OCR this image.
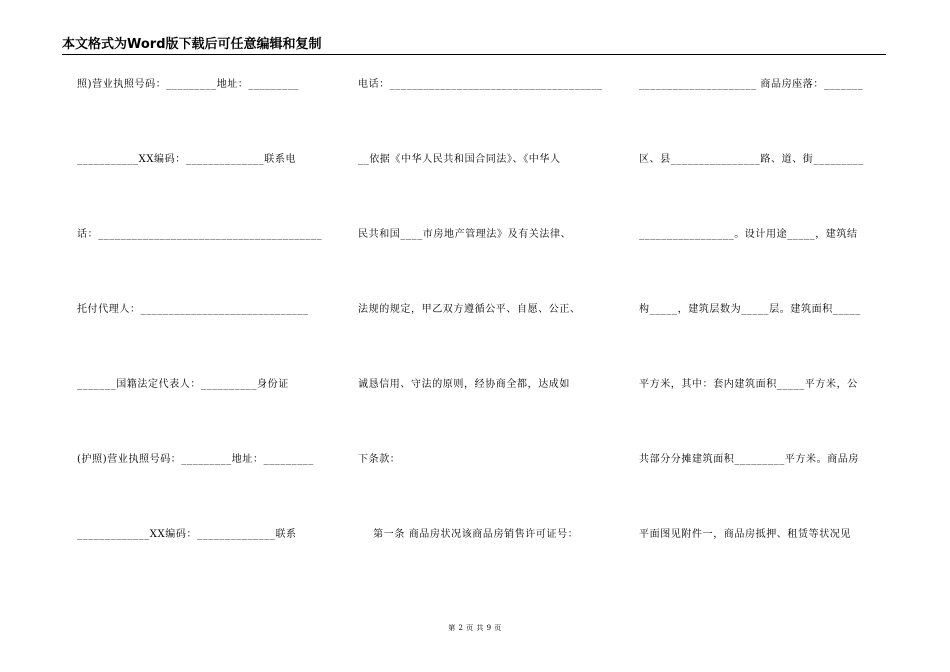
本文格式为Word版下载后可任意编辑和复制
照)营业执照号码：_________地址：_________
___________XX编码：______________联系电
话：________________________________________
托付代理人：______________________________
_______国籍法定代表人：__________身份证
(护照)营业执照号码：_________地址：_________
_____________XX编码：______________联系
电话：______________________________________
__依据《中华人民共和国合同法》、《中华人
民共和国____市房地产管理法》及有关法律、
法规的规定，甲乙双方遵循公平、自愿、公正、
诚恳信用、守法的原则，经协商全都，达成如
下条款：
第一条 商品房状况该商品房销售许可证号：
_____________________ 商品房座落：_______
区、县________________路、道、街_________
_________________。设计用途_____，建筑结
构_____，建筑层数为_____层。建筑面积_____
平方米，其中：套内建筑面积_____平方米，公
共部分分摊建筑面积_________平方米。商品房
平面图见附件一，商品房抵押、租赁等状况见
第 2 页 共 9 页
